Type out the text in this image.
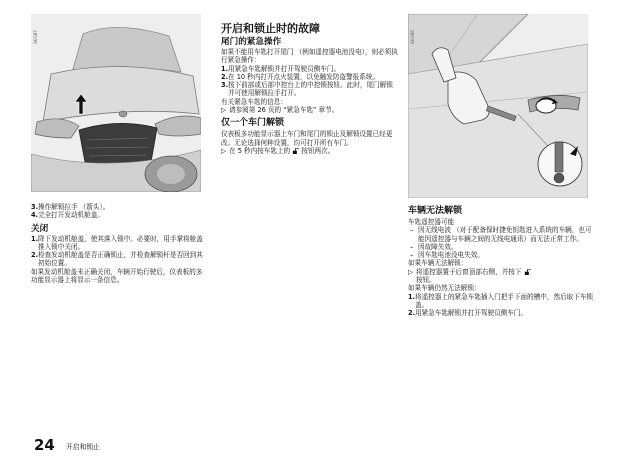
SK-087
3. 操作解锁拉手 （箭头）。
4. 完全打开发动机舱盖。
关闭
1. 降下发动机舱盖，使其落入锁中。必要时，用手掌将舱盖推入锁中关闭。
2. 检查发动机舱盖是否正确锁止，并检查解锁杆是否回到其初始位置。

如果发动机舱盖未正确关闭，车辆开始行驶后，仪表板的多功能显示器上将显示一条信息。

开启和锁止时的故障
尾门的紧急操作

如果不能用车匙打开尾门 （例如遥控器电池没电），则必须执行紧急操作：

1. 用紧急车匙解锁并打开驾驶员侧车门。
2. 在 10 秒内打开点火装置，以免触发防盗警报系统。
3. 按下前部或后部中控台上的中控锁按钮。此时，尾门解锁并可使用解锁拉手打开。

有关紧急车匙的信息：

▷ 请参阅第 26 页的 “紧急车匙” 章节。
仅一个车门解锁

仪表板多功能显示器上车门和尾门的锁止及解锁设置已经更改。无论选择何种设置，均可打开所有车门。

▷ 在 5 秒内按车匙上的 按钮两次。
SK-088
车辆无法解锁

车匙遥控器可能

– 因无线电波 （对于配备保时捷免钥匙进入系统的车辆，也可能因遥控器与车辆之间的无线电通讯）而无法正常工作。
– 因故障失效。
– 因车匙电池没电失效。

如果车辆无法解锁：

▷ 将遥控器置于后窗顶部右侧，并按下
按钮。

如果车辆仍然无法解锁：

1. 将遥控器上的紧急车匙插入门把手下面的槽中，然后取下车锁盖。
2. 用紧急车匙解锁并打开驾驶员侧车门。
24 开启和锁止
